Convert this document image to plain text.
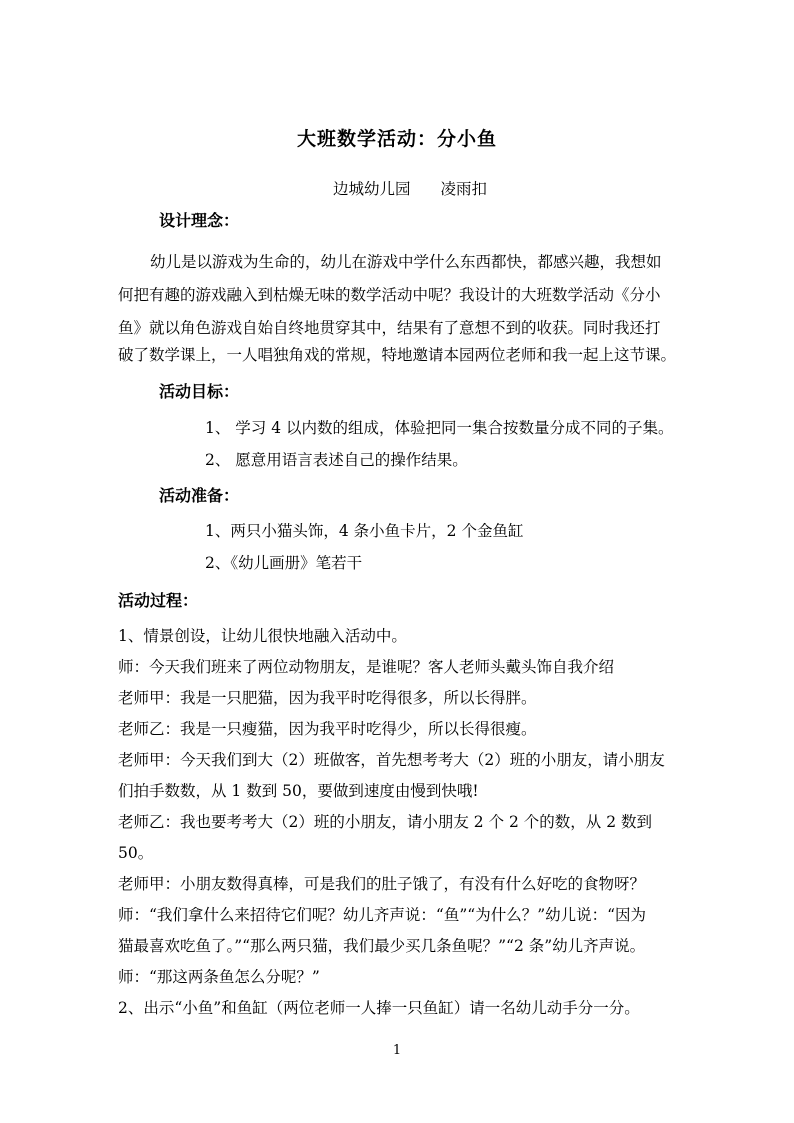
大班数学活动：分小鱼
边城幼儿园 凌雨扣
设计理念：
幼儿是以游戏为生命的，幼儿在游戏中学什么东西都快，都感兴趣，我想如
何把有趣的游戏融入到枯燥无味的数学活动中呢？我设计的大班数学活动《分小
鱼》就以角色游戏自始自终地贯穿其中，结果有了意想不到的收获。同时我还打
破了数学课上，一人唱独角戏的常规，特地邀请本园两位老师和我一起上这节课。
活动目标：
1、 学习 4 以内数的组成，体验把同一集合按数量分成不同的子集。
2、 愿意用语言表述自己的操作结果。
活动准备：
1、两只小猫头饰，4 条小鱼卡片，2 个金鱼缸
2、《幼儿画册》笔若干
活动过程：
1、情景创设，让幼儿很快地融入活动中。
师：今天我们班来了两位动物朋友，是谁呢？客人老师头戴头饰自我介绍
老师甲：我是一只肥猫，因为我平时吃得很多，所以长得胖。
老师乙：我是一只瘦猫，因为我平时吃得少，所以长得很瘦。
老师甲：今天我们到大（2）班做客，首先想考考大（2）班的小朋友，请小朋友
们拍手数数，从 1 数到 50，要做到速度由慢到快哦!
老师乙：我也要考考大（2）班的小朋友，请小朋友 2 个 2 个的数，从 2 数到
50。
老师甲：小朋友数得真棒，可是我们的肚子饿了，有没有什么好吃的食物呀？
师：“我们拿什么来招待它们呢？幼儿齐声说：“鱼”“为什么？”幼儿说：“因为
猫最喜欢吃鱼了。”“那么两只猫，我们最少买几条鱼呢？”“2 条”幼儿齐声说。
师：“那这两条鱼怎么分呢？”
2、出示“小鱼”和鱼缸（两位老师一人捧一只鱼缸）请一名幼儿动手分一分。
1
